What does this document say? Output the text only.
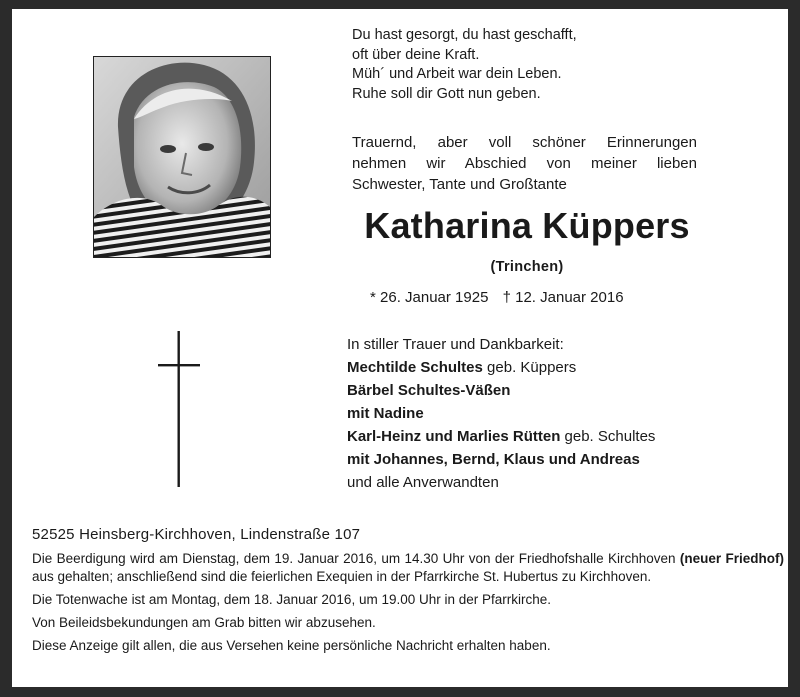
Du hast gesorgt, du hast geschafft,
oft über deine Kraft.
Müh´ und Arbeit war dein Leben.
Ruhe soll dir Gott nun geben.
Trauernd, aber voll schöner Erinnerungen
nehmen wir Abschied von meiner lieben
Schwester, Tante und Großtante
Katharina Küppers
(Trinchen)
* 26. Januar 1925 † 12. Januar 2016
In stiller Trauer und Dankbarkeit:
Mechtilde Schultes geb. Küppers
Bärbel Schultes-Väßen
mit Nadine
Karl-Heinz und Marlies Rütten geb. Schultes
mit Johannes, Bernd, Klaus und Andreas
und alle Anverwandten
52525 Heinsberg-Kirchhoven, Lindenstraße 107

Die Beerdigung wird am Dienstag, dem 19. Januar 2016, um 14.30 Uhr von der Friedhofshalle Kirchhoven (neuer Friedhof) aus gehalten; anschließend sind die feierlichen Exequien in der Pfarrkirche St. Hubertus zu Kirchhoven.

Die Totenwache ist am Montag, dem 18. Januar 2016, um 19.00 Uhr in der Pfarrkirche.

Von Beileidsbekundungen am Grab bitten wir abzusehen.

Diese Anzeige gilt allen, die aus Versehen keine persönliche Nachricht erhalten haben.
